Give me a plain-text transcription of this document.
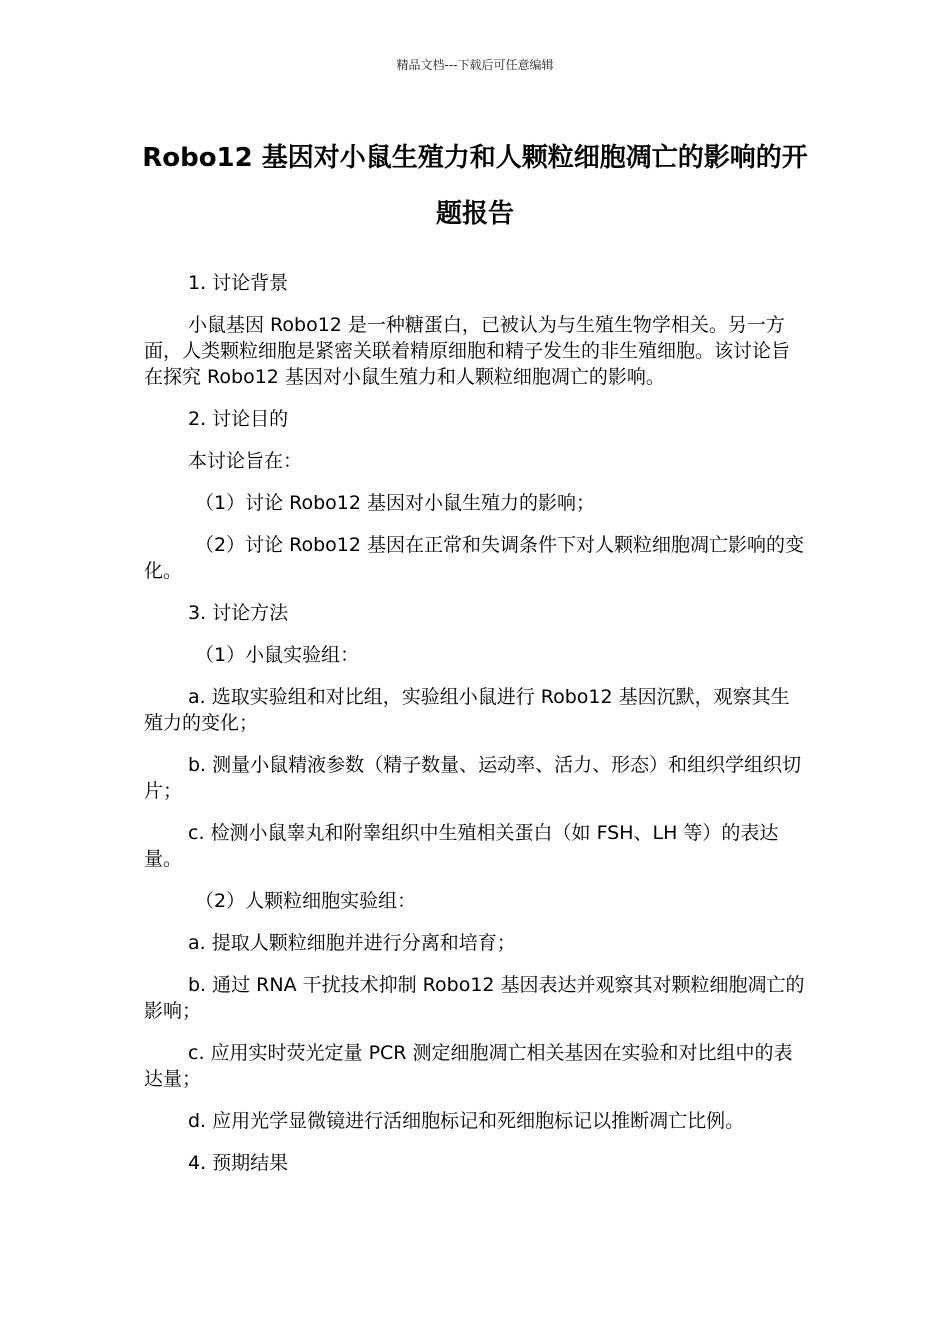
精品文档---下载后可任意编辑
Robo12 基因对小鼠生殖力和人颗粒细胞凋亡的影响的开题报告

1. 讨论背景

小鼠基因 Robo12 是一种糖蛋白，已被认为与生殖生物学相关。另一方面，人类颗粒细胞是紧密关联着精原细胞和精子发生的非生殖细胞。该讨论旨在探究 Robo12 基因对小鼠生殖力和人颗粒细胞凋亡的影响。

2. 讨论目的

本讨论旨在：

（1）讨论 Robo12 基因对小鼠生殖力的影响；

（2）讨论 Robo12 基因在正常和失调条件下对人颗粒细胞凋亡影响的变化。

3. 讨论方法

（1）小鼠实验组：

a. 选取实验组和对比组，实验组小鼠进行 Robo12 基因沉默，观察其生殖力的变化；

b. 测量小鼠精液参数（精子数量、运动率、活力、形态）和组织学组织切片；

c. 检测小鼠睾丸和附睾组织中生殖相关蛋白（如 FSH、LH 等）的表达量。

（2）人颗粒细胞实验组：

a. 提取人颗粒细胞并进行分离和培育；

b. 通过 RNA 干扰技术抑制 Robo12 基因表达并观察其对颗粒细胞凋亡的影响；

c. 应用实时荧光定量 PCR 测定细胞凋亡相关基因在实验和对比组中的表达量；

d. 应用光学显微镜进行活细胞标记和死细胞标记以推断凋亡比例。

4. 预期结果
